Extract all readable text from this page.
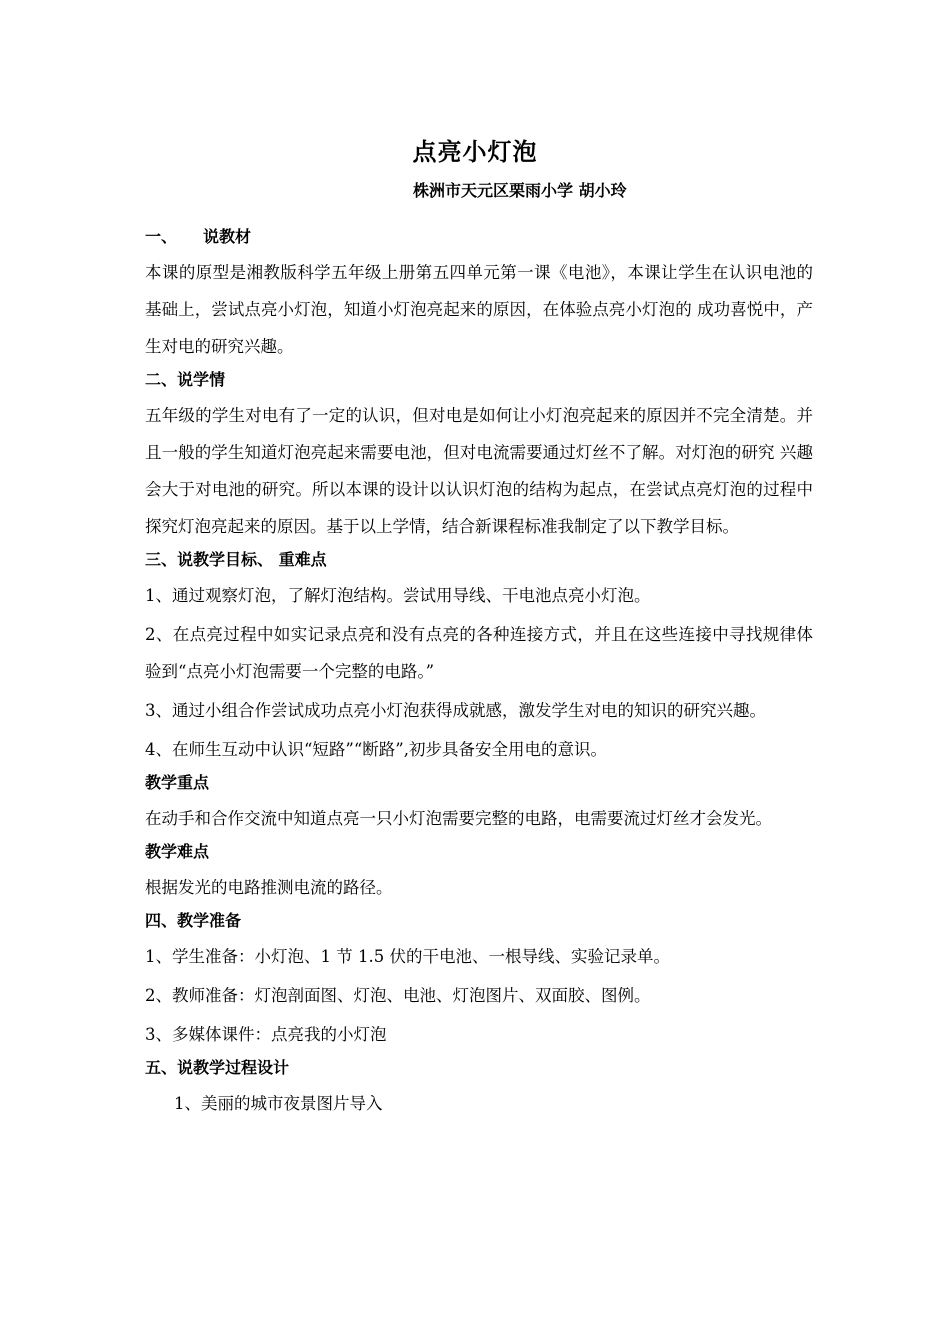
点亮小灯泡

株洲市天元区栗雨小学 胡小玲

一、 说教材

本课的原型是湘教版科学五年级上册第五四单元第一课《电池》，本课让学生在认识电池的基础上，尝试点亮小灯泡，知道小灯泡亮起来的原因，在体验点亮小灯泡的 成功喜悦中，产生对电的研究兴趣。

二、说学情

五年级的学生对电有了一定的认识，但对电是如何让小灯泡亮起来的原因并不完全清楚。并且一般的学生知道灯泡亮起来需要电池，但对电流需要通过灯丝不了解。对灯泡的研究 兴趣会大于对电池的研究。所以本课的设计以认识灯泡的结构为起点，在尝试点亮灯泡的过程中探究灯泡亮起来的原因。基于以上学情，结合新课程标准我制定了以下教学目标。

三、说教学目标、 重难点

1、通过观察灯泡，了解灯泡结构。尝试用导线、干电池点亮小灯泡。

2、在点亮过程中如实记录点亮和没有点亮的各种连接方式，并且在这些连接中寻找规律体验到“点亮小灯泡需要一个完整的电路。”

3、通过小组合作尝试成功点亮小灯泡获得成就感，激发学生对电的知识的研究兴趣。

4、在师生互动中认识“短路”“断路”,初步具备安全用电的意识。

教学重点

在动手和合作交流中知道点亮一只小灯泡需要完整的电路，电需要流过灯丝才会发光。

教学难点

根据发光的电路推测电流的路径。

四、教学准备

1、学生准备：小灯泡、1 节 1.5 伏的干电池、一根导线、实验记录单。

2、教师准备：灯泡剖面图、灯泡、电池、灯泡图片、双面胶、图例。

3、多媒体课件：点亮我的小灯泡

五、说教学过程设计

1、美丽的城市夜景图片导入
